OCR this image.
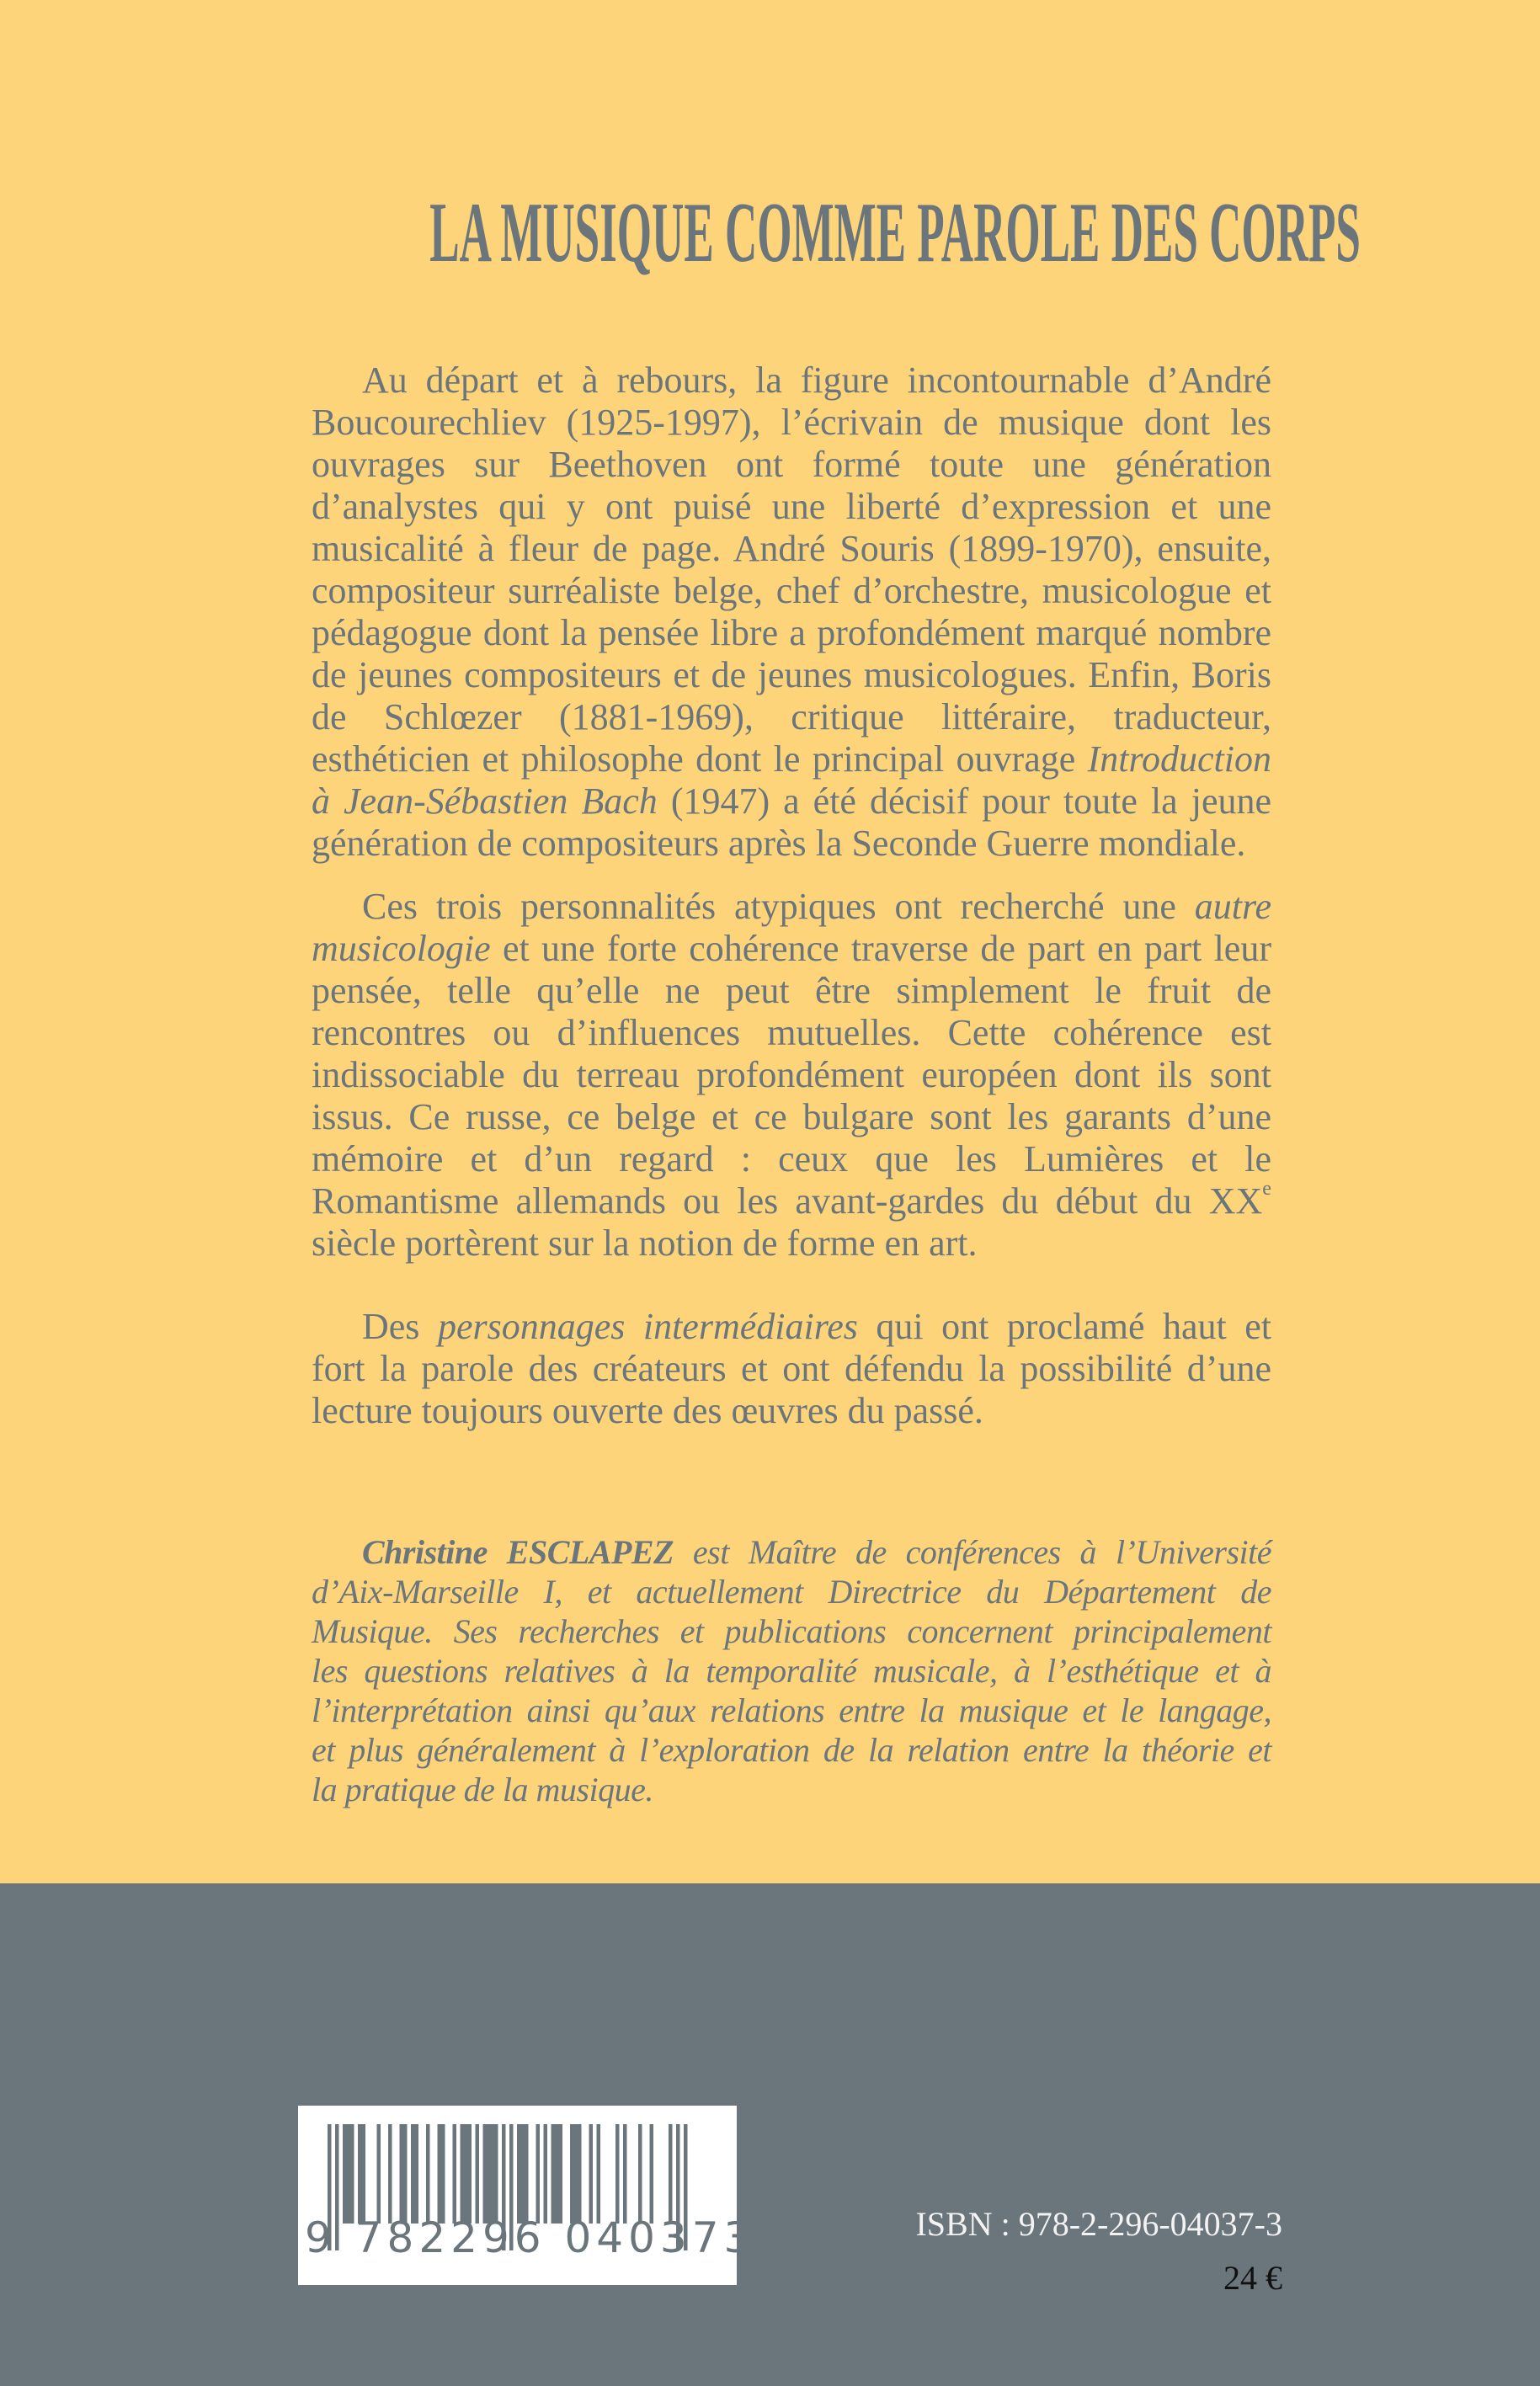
LA MUSIQUE COMME PAROLE DES CORPS
Au départ et à rebours, la figure incontournable d’André
Boucourechliev (1925-1997), l’écrivain de musique dont les
ouvrages sur Beethoven ont formé toute une génération
d’analystes qui y ont puisé une liberté d’expression et une
musicalité à fleur de page. André Souris (1899-1970), ensuite,
compositeur surréaliste belge, chef d’orchestre, musicologue et
pédagogue dont la pensée libre a profondément marqué nombre
de jeunes compositeurs et de jeunes musicologues. Enfin, Boris
de Schlœzer (1881-1969), critique littéraire, traducteur,
esthéticien et philosophe dont le principal ouvrage Introduction
à Jean-Sébastien Bach (1947) a été décisif pour toute la jeune
génération de compositeurs après la Seconde Guerre mondiale.
Ces trois personnalités atypiques ont recherché une autre
musicologie et une forte cohérence traverse de part en part leur
pensée, telle qu’elle ne peut être simplement le fruit de
rencontres ou d’influences mutuelles. Cette cohérence est
indissociable du terreau profondément européen dont ils sont
issus. Ce russe, ce belge et ce bulgare sont les garants d’une
mémoire et d’un regard : ceux que les Lumières et le
Romantisme allemands ou les avant-gardes du début du XXe
siècle portèrent sur la notion de forme en art.
Des personnages intermédiaires qui ont proclamé haut et
fort la parole des créateurs et ont défendu la possibilité d’une
lecture toujours ouverte des œuvres du passé.
Christine ESCLAPEZ est Maître de conférences à l’Université
d’Aix-Marseille I, et actuellement Directrice du Département de
Musique. Ses recherches et publications concernent principalement
les questions relatives à la temporalité musicale, à l’esthétique et à
l’interprétation ainsi qu’aux relations entre la musique et le langage,
et plus généralement à l’exploration de la relation entre la théorie et
la pratique de la musique.
9 782296 040373	ISBN : 978-2-296-04037-3
24 €
